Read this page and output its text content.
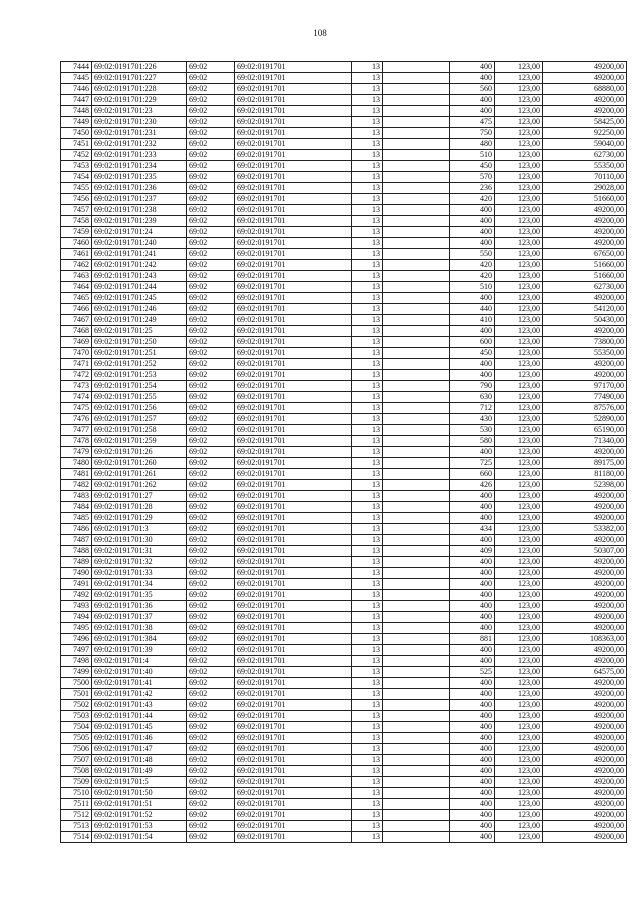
108
7444	69:02:0191701:226	69:02	69:02:0191701	13		400	123,00	49200,00
7445	69:02:0191701:227	69:02	69:02:0191701	13		400	123,00	49200,00
7446	69:02:0191701:228	69:02	69:02:0191701	13		560	123,00	68880,00
7447	69:02:0191701:229	69:02	69:02:0191701	13		400	123,00	49200,00
7448	69:02:0191701:23	69:02	69:02:0191701	13		400	123,00	49200,00
7449	69:02:0191701:230	69:02	69:02:0191701	13		475	123,00	58425,00
7450	69:02:0191701:231	69:02	69:02:0191701	13		750	123,00	92250,00
7451	69:02:0191701:232	69:02	69:02:0191701	13		480	123,00	59040,00
7452	69:02:0191701:233	69:02	69:02:0191701	13		510	123,00	62730,00
7453	69:02:0191701:234	69:02	69:02:0191701	13		450	123,00	55350,00
7454	69:02:0191701:235	69:02	69:02:0191701	13		570	123,00	70110,00
7455	69:02:0191701:236	69:02	69:02:0191701	13		236	123,00	29028,00
7456	69:02:0191701:237	69:02	69:02:0191701	13		420	123,00	51660,00
7457	69:02:0191701:238	69:02	69:02:0191701	13		400	123,00	49200,00
7458	69:02:0191701:239	69:02	69:02:0191701	13		400	123,00	49200,00
7459	69:02:0191701:24	69:02	69:02:0191701	13		400	123,00	49200,00
7460	69:02:0191701:240	69:02	69:02:0191701	13		400	123,00	49200,00
7461	69:02:0191701:241	69:02	69:02:0191701	13		550	123,00	67650,00
7462	69:02:0191701:242	69:02	69:02:0191701	13		420	123,00	51660,00
7463	69:02:0191701:243	69:02	69:02:0191701	13		420	123,00	51660,00
7464	69:02:0191701:244	69:02	69:02:0191701	13		510	123,00	62730,00
7465	69:02:0191701:245	69:02	69:02:0191701	13		400	123,00	49200,00
7466	69:02:0191701:246	69:02	69:02:0191701	13		440	123,00	54120,00
7467	69:02:0191701:249	69:02	69:02:0191701	13		410	123,00	50430,00
7468	69:02:0191701:25	69:02	69:02:0191701	13		400	123,00	49200,00
7469	69:02:0191701:250	69:02	69:02:0191701	13		600	123,00	73800,00
7470	69:02:0191701:251	69:02	69:02:0191701	13		450	123,00	55350,00
7471	69:02:0191701:252	69:02	69:02:0191701	13		400	123,00	49200,00
7472	69:02:0191701:253	69:02	69:02:0191701	13		400	123,00	49200,00
7473	69:02:0191701:254	69:02	69:02:0191701	13		790	123,00	97170,00
7474	69:02:0191701:255	69:02	69:02:0191701	13		630	123,00	77490,00
7475	69:02:0191701:256	69:02	69:02:0191701	13		712	123,00	87576,00
7476	69:02:0191701:257	69:02	69:02:0191701	13		430	123,00	52890,00
7477	69:02:0191701:258	69:02	69:02:0191701	13		530	123,00	65190,00
7478	69:02:0191701:259	69:02	69:02:0191701	13		580	123,00	71340,00
7479	69:02:0191701:26	69:02	69:02:0191701	13		400	123,00	49200,00
7480	69:02:0191701:260	69:02	69:02:0191701	13		725	123,00	89175,00
7481	69:02:0191701:261	69:02	69:02:0191701	13		660	123,00	81180,00
7482	69:02:0191701:262	69:02	69:02:0191701	13		426	123,00	52398,00
7483	69:02:0191701:27	69:02	69:02:0191701	13		400	123,00	49200,00
7484	69:02:0191701:28	69:02	69:02:0191701	13		400	123,00	49200,00
7485	69:02:0191701:29	69:02	69:02:0191701	13		400	123,00	49200,00
7486	69:02:0191701:3	69:02	69:02:0191701	13		434	123,00	53382,00
7487	69:02:0191701:30	69:02	69:02:0191701	13		400	123,00	49200,00
7488	69:02:0191701:31	69:02	69:02:0191701	13		409	123,00	50307,00
7489	69:02:0191701:32	69:02	69:02:0191701	13		400	123,00	49200,00
7490	69:02:0191701:33	69:02	69:02:0191701	13		400	123,00	49200,00
7491	69:02:0191701:34	69:02	69:02:0191701	13		400	123,00	49200,00
7492	69:02:0191701:35	69:02	69:02:0191701	13		400	123,00	49200,00
7493	69:02:0191701:36	69:02	69:02:0191701	13		400	123,00	49200,00
7494	69:02:0191701:37	69:02	69:02:0191701	13		400	123,00	49200,00
7495	69:02:0191701:38	69:02	69:02:0191701	13		400	123,00	49200,00
7496	69:02:0191701:384	69:02	69:02:0191701	13		881	123,00	108363,00
7497	69:02:0191701:39	69:02	69:02:0191701	13		400	123,00	49200,00
7498	69:02:0191701:4	69:02	69:02:0191701	13		400	123,00	49200,00
7499	69:02:0191701:40	69:02	69:02:0191701	13		525	123,00	64575,00
7500	69:02:0191701:41	69:02	69:02:0191701	13		400	123,00	49200,00
7501	69:02:0191701:42	69:02	69:02:0191701	13		400	123,00	49200,00
7502	69:02:0191701:43	69:02	69:02:0191701	13		400	123,00	49200,00
7503	69:02:0191701:44	69:02	69:02:0191701	13		400	123,00	49200,00
7504	69:02:0191701:45	69:02	69:02:0191701	13		400	123,00	49200,00
7505	69:02:0191701:46	69:02	69:02:0191701	13		400	123,00	49200,00
7506	69:02:0191701:47	69:02	69:02:0191701	13		400	123,00	49200,00
7507	69:02:0191701:48	69:02	69:02:0191701	13		400	123,00	49200,00
7508	69:02:0191701:49	69:02	69:02:0191701	13		400	123,00	49200,00
7509	69:02:0191701:5	69:02	69:02:0191701	13		400	123,00	49200,00
7510	69:02:0191701:50	69:02	69:02:0191701	13		400	123,00	49200,00
7511	69:02:0191701:51	69:02	69:02:0191701	13		400	123,00	49200,00
7512	69:02:0191701:52	69:02	69:02:0191701	13		400	123,00	49200,00
7513	69:02:0191701:53	69:02	69:02:0191701	13		400	123,00	49200,00
7514	69:02:0191701:54	69:02	69:02:0191701	13		400	123,00	49200,00
